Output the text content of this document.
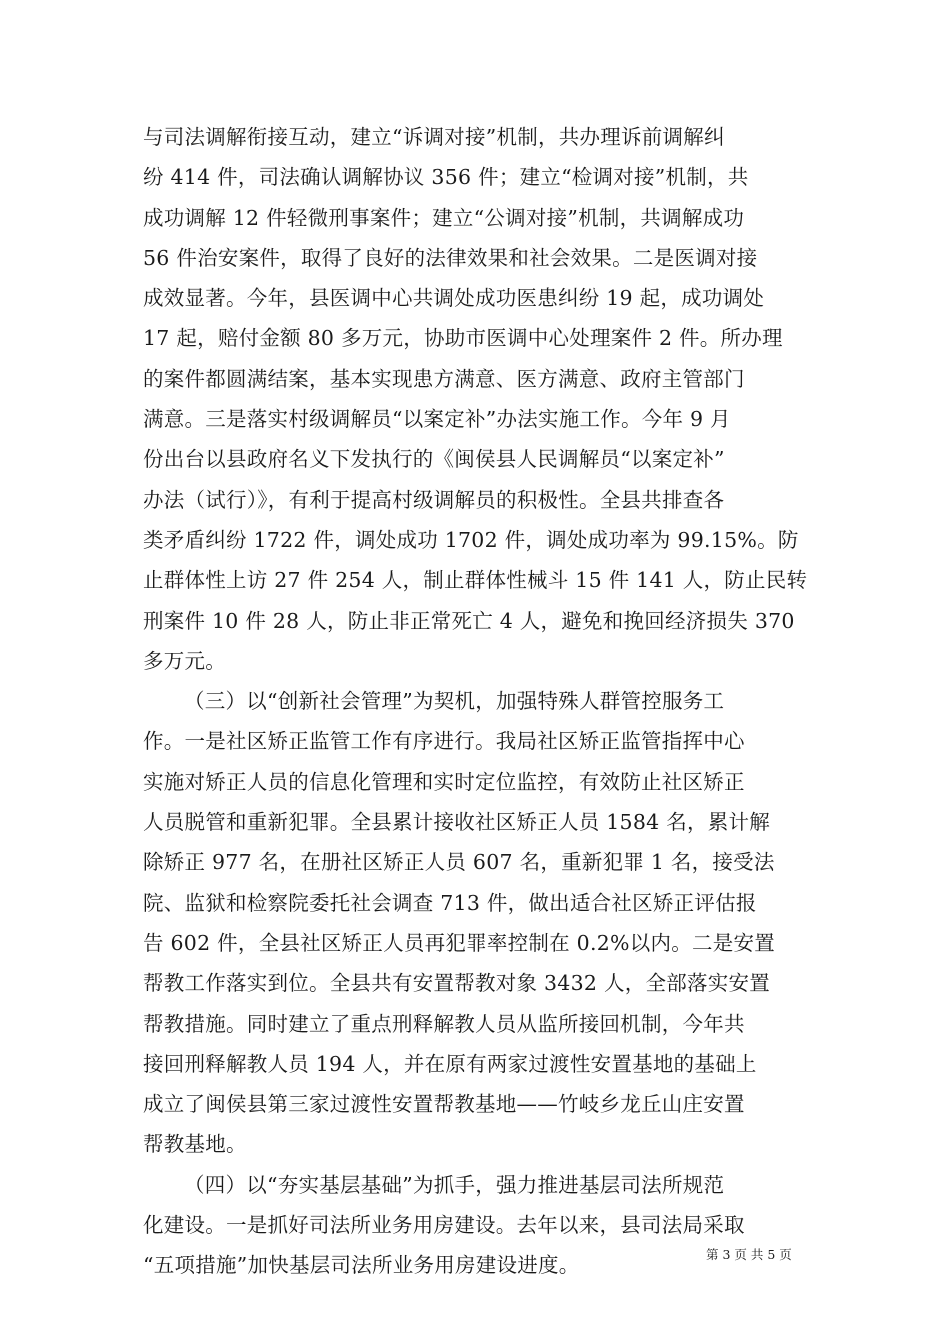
与司法调解衔接互动，建立“诉调对接”机制，共办理诉前调解纠
纷 414 件，司法确认调解协议 356 件；建立“检调对接”机制，共
成功调解 12 件轻微刑事案件；建立“公调对接”机制，共调解成功
56 件治安案件，取得了良好的法律效果和社会效果。二是医调对接
成效显著。今年，县医调中心共调处成功医患纠纷 19 起，成功调处
17 起，赔付金额 80 多万元，协助市医调中心处理案件 2 件。所办理
的案件都圆满结案，基本实现患方满意、医方满意、政府主管部门
满意。三是落实村级调解员“以案定补”办法实施工作。今年 9 月
份出台以县政府名义下发执行的《闽侯县人民调解员“以案定补”
办法（试行）》，有利于提高村级调解员的积极性。全县共排查各
类矛盾纠纷 1722 件，调处成功 1702 件，调处成功率为 99.15%。防
止群体性上访 27 件 254 人，制止群体性械斗 15 件 141 人，防止民转
刑案件 10 件 28 人，防止非正常死亡 4 人，避免和挽回经济损失 370
多万元。
（三）以“创新社会管理”为契机，加强特殊人群管控服务工
作。一是社区矫正监管工作有序进行。我局社区矫正监管指挥中心
实施对矫正人员的信息化管理和实时定位监控，有效防止社区矫正
人员脱管和重新犯罪。全县累计接收社区矫正人员 1584 名，累计解
除矫正 977 名，在册社区矫正人员 607 名，重新犯罪 1 名，接受法
院、监狱和检察院委托社会调查 713 件，做出适合社区矫正评估报
告 602 件，全县社区矫正人员再犯罪率控制在 0.2%以内。二是安置
帮教工作落实到位。全县共有安置帮教对象 3432 人，全部落实安置
帮教措施。同时建立了重点刑释解教人员从监所接回机制，今年共
接回刑释解教人员 194 人，并在原有两家过渡性安置基地的基础上
成立了闽侯县第三家过渡性安置帮教基地——竹岐乡龙丘山庄安置
帮教基地。
（四）以“夯实基层基础”为抓手，强力推进基层司法所规范
化建设。一是抓好司法所业务用房建设。去年以来，县司法局采取
“五项措施”加快基层司法所业务用房建设进度。	第 3 页 共 5 页
